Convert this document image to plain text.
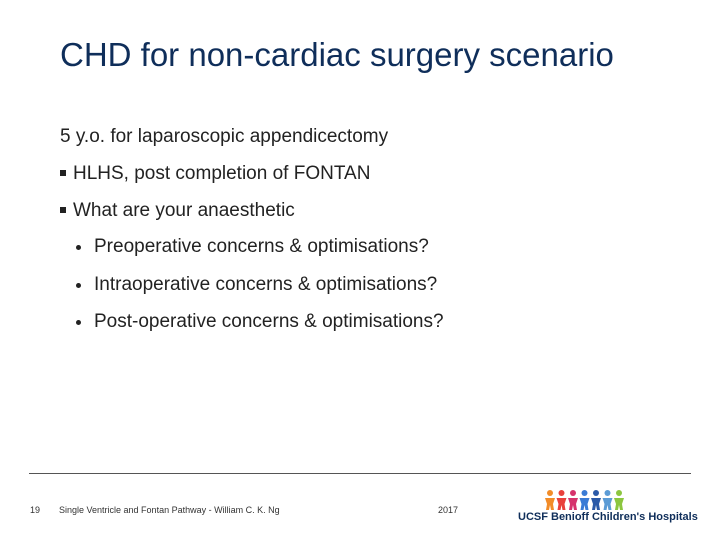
CHD for non-cardiac surgery scenario
5 y.o. for laparoscopic appendicectomy
HLHS, post completion of FONTAN
What are your anaesthetic
Preoperative concerns & optimisations?
Intraoperative concerns & optimisations?
Post-operative concerns & optimisations?
19 Single Ventricle and Fontan Pathway - William C. K. Ng	2017
UCSF Benioff Children's Hospitals
